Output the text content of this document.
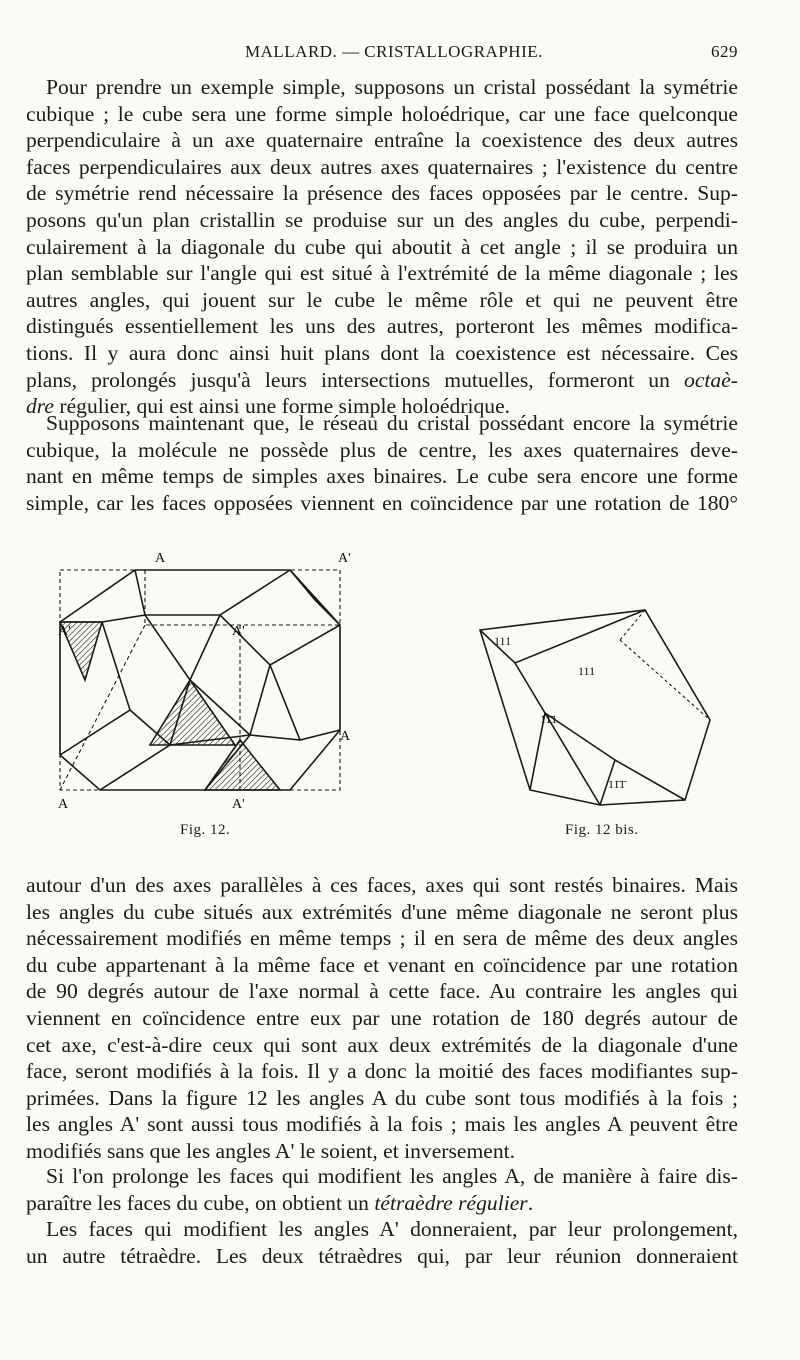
MALLARD. — CRISTALLOGRAPHIE.	629
Pour prendre un exemple simple, supposons un cristal possédant la symétrie
cubique ; le cube sera une forme simple holoédrique, car une face quelconque
perpendiculaire à un axe quaternaire entraîne la coexistence des deux autres
faces perpendiculaires aux deux autres axes quaternaires ; l'existence du centre
de symétrie rend nécessaire la présence des faces opposées par le centre. Sup-
posons qu'un plan cristallin se produise sur un des angles du cube, perpendi-
culairement à la diagonale du cube qui aboutit à cet angle ; il se produira un
plan semblable sur l'angle qui est situé à l'extrémité de la même diagonale ; les
autres angles, qui jouent sur le cube le même rôle et qui ne peuvent être
distingués essentiellement les uns des autres, porteront les mêmes modifica-
tions. Il y aura donc ainsi huit plans dont la coexistence est nécessaire. Ces
plans, prolongés jusqu'à leurs intersections mutuelles, formeront un octaè-
dre régulier, qui est ainsi une forme simple holoédrique.
Supposons maintenant que, le réseau du cristal possédant encore la symétrie
cubique, la molécule ne possède plus de centre, les axes quaternaires deve-
nant en même temps de simples axes binaires. Le cube sera encore une forme
simple, car les faces opposées viennent en coïncidence par une rotation de 180°
A	A'
A'	A'
A
A	A'
Fig. 12.
111
111
11̄1
11̄1̄
Fig. 12 bis.
autour d'un des axes parallèles à ces faces, axes qui sont restés binaires. Mais
les angles du cube situés aux extrémités d'une même diagonale ne seront plus
nécessairement modifiés en même temps ; il en sera de même des deux angles
du cube appartenant à la même face et venant en coïncidence par une rotation
de 90 degrés autour de l'axe normal à cette face. Au contraire les angles qui
viennent en coïncidence entre eux par une rotation de 180 degrés autour de
cet axe, c'est-à-dire ceux qui sont aux deux extrémités de la diagonale d'une
face, seront modifiés à la fois. Il y a donc la moitié des faces modifiantes sup-
primées. Dans la figure 12 les angles A du cube sont tous modifiés à la fois ;
les angles A' sont aussi tous modifiés à la fois ; mais les angles A peuvent être
modifiés sans que les angles A' le soient, et inversement.
Si l'on prolonge les faces qui modifient les angles A, de manière à faire dis-
paraître les faces du cube, on obtient un tétraèdre régulier.
Les faces qui modifient les angles A' donneraient, par leur prolongement,
un autre tétraèdre. Les deux tétraèdres qui, par leur réunion donneraient
